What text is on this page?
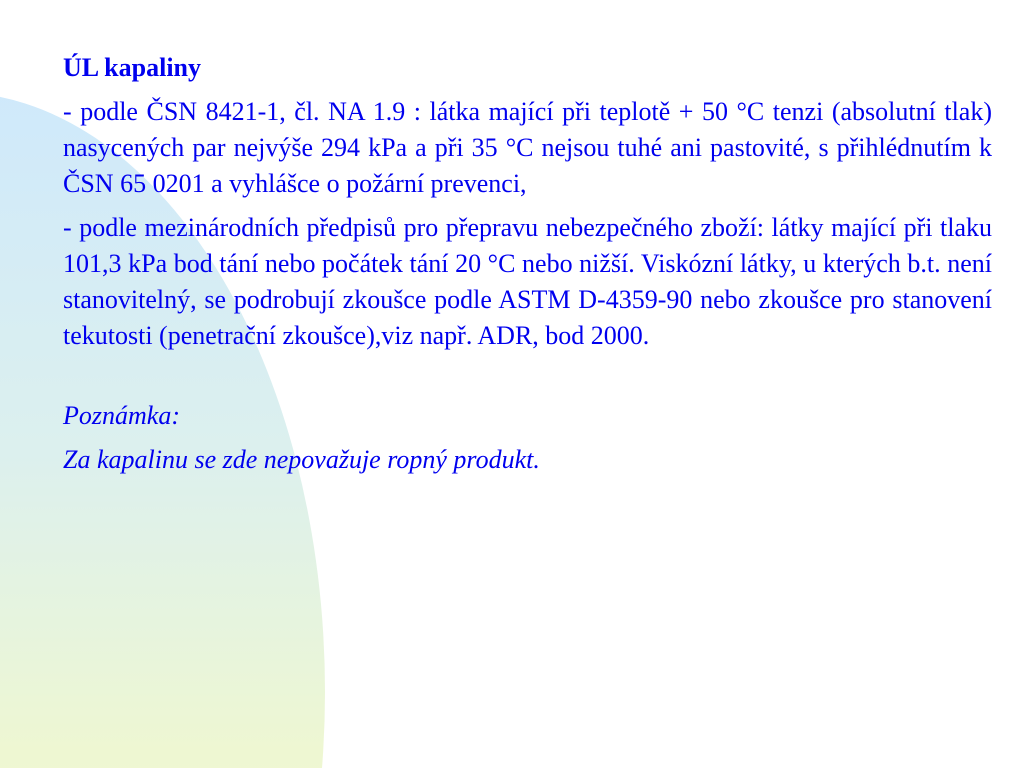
ÚL kapaliny
- podle ČSN 8421-1, čl. NA 1.9 : látka mající při teplotě + 50 °C tenzi (absolutní tlak) nasycených par nejvýše 294 kPa a při 35 °C nejsou tuhé ani pastovité, s přihlédnutím k ČSN 65 0201 a vyhlášce o požární prevenci,
- podle mezinárodních předpisů pro přepravu nebezpečného zboží: látky mající při tlaku 101,3 kPa bod tání nebo počátek tání 20 °C nebo nižší. Viskózní látky, u kterých b.t. není stanovitelný, se podrobují zkoušce podle ASTM D-4359-90 nebo zkoušce pro stanovení tekutosti (penetrační zkoušce),viz např. ADR, bod 2000.
Poznámka:
Za kapalinu se zde nepovažuje ropný produkt.
